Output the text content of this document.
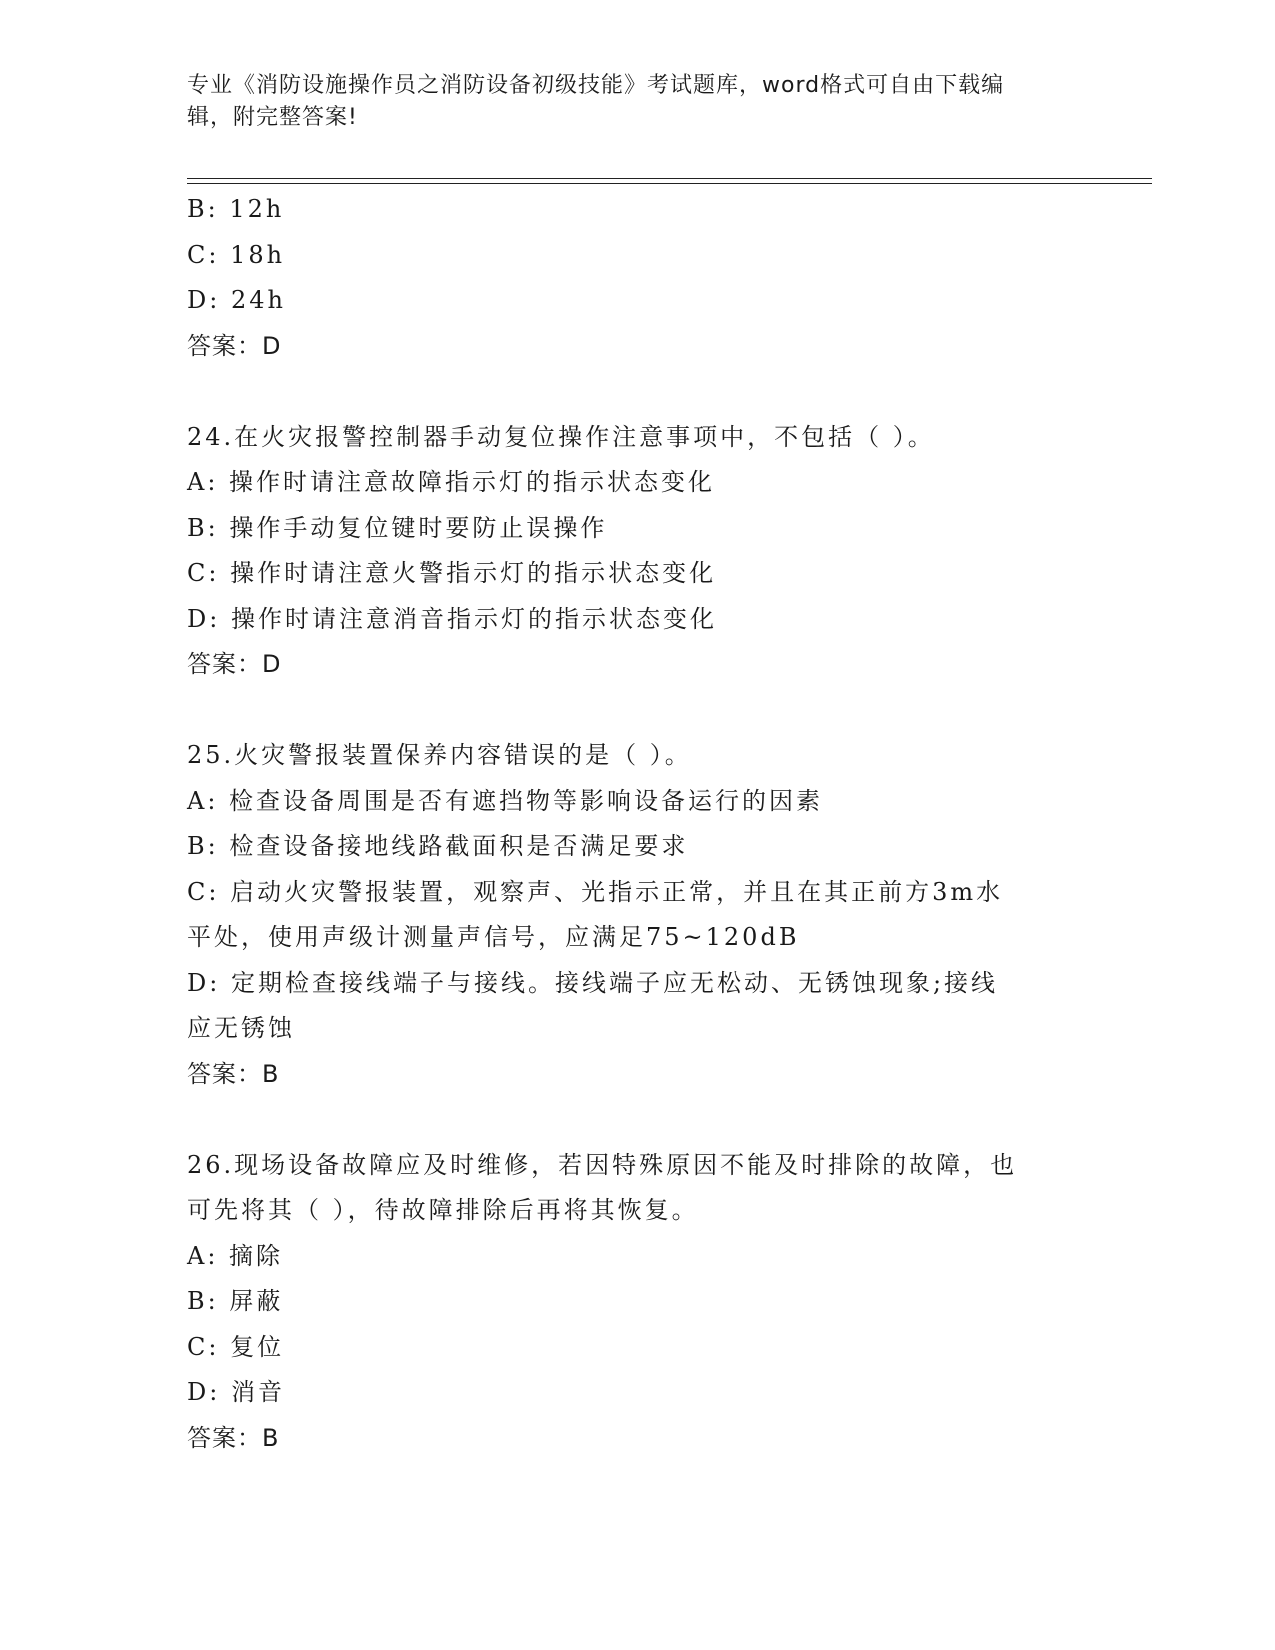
专业《消防设施操作员之消防设备初级技能》考试题库，word格式可自由下载编
辑，附完整答案!
B: 12h
C: 18h
D: 24h
答案：D
24.在火灾报警控制器手动复位操作注意事项中，不包括（ ）。
A: 操作时请注意故障指示灯的指示状态变化
B: 操作手动复位键时要防止误操作
C: 操作时请注意火警指示灯的指示状态变化
D: 操作时请注意消音指示灯的指示状态变化
答案：D
25.火灾警报装置保养内容错误的是（ ）。
A: 检查设备周围是否有遮挡物等影响设备运行的因素
B: 检查设备接地线路截面积是否满足要求
C: 启动火灾警报装置，观察声、光指示正常，并且在其正前方3m水
平处，使用声级计测量声信号，应满足75~120dB
D: 定期检查接线端子与接线。接线端子应无松动、无锈蚀现象;接线
应无锈蚀
答案：B
26.现场设备故障应及时维修，若因特殊原因不能及时排除的故障，也
可先将其（ ），待故障排除后再将其恢复。
A: 摘除
B: 屏蔽
C: 复位
D: 消音
答案：B
